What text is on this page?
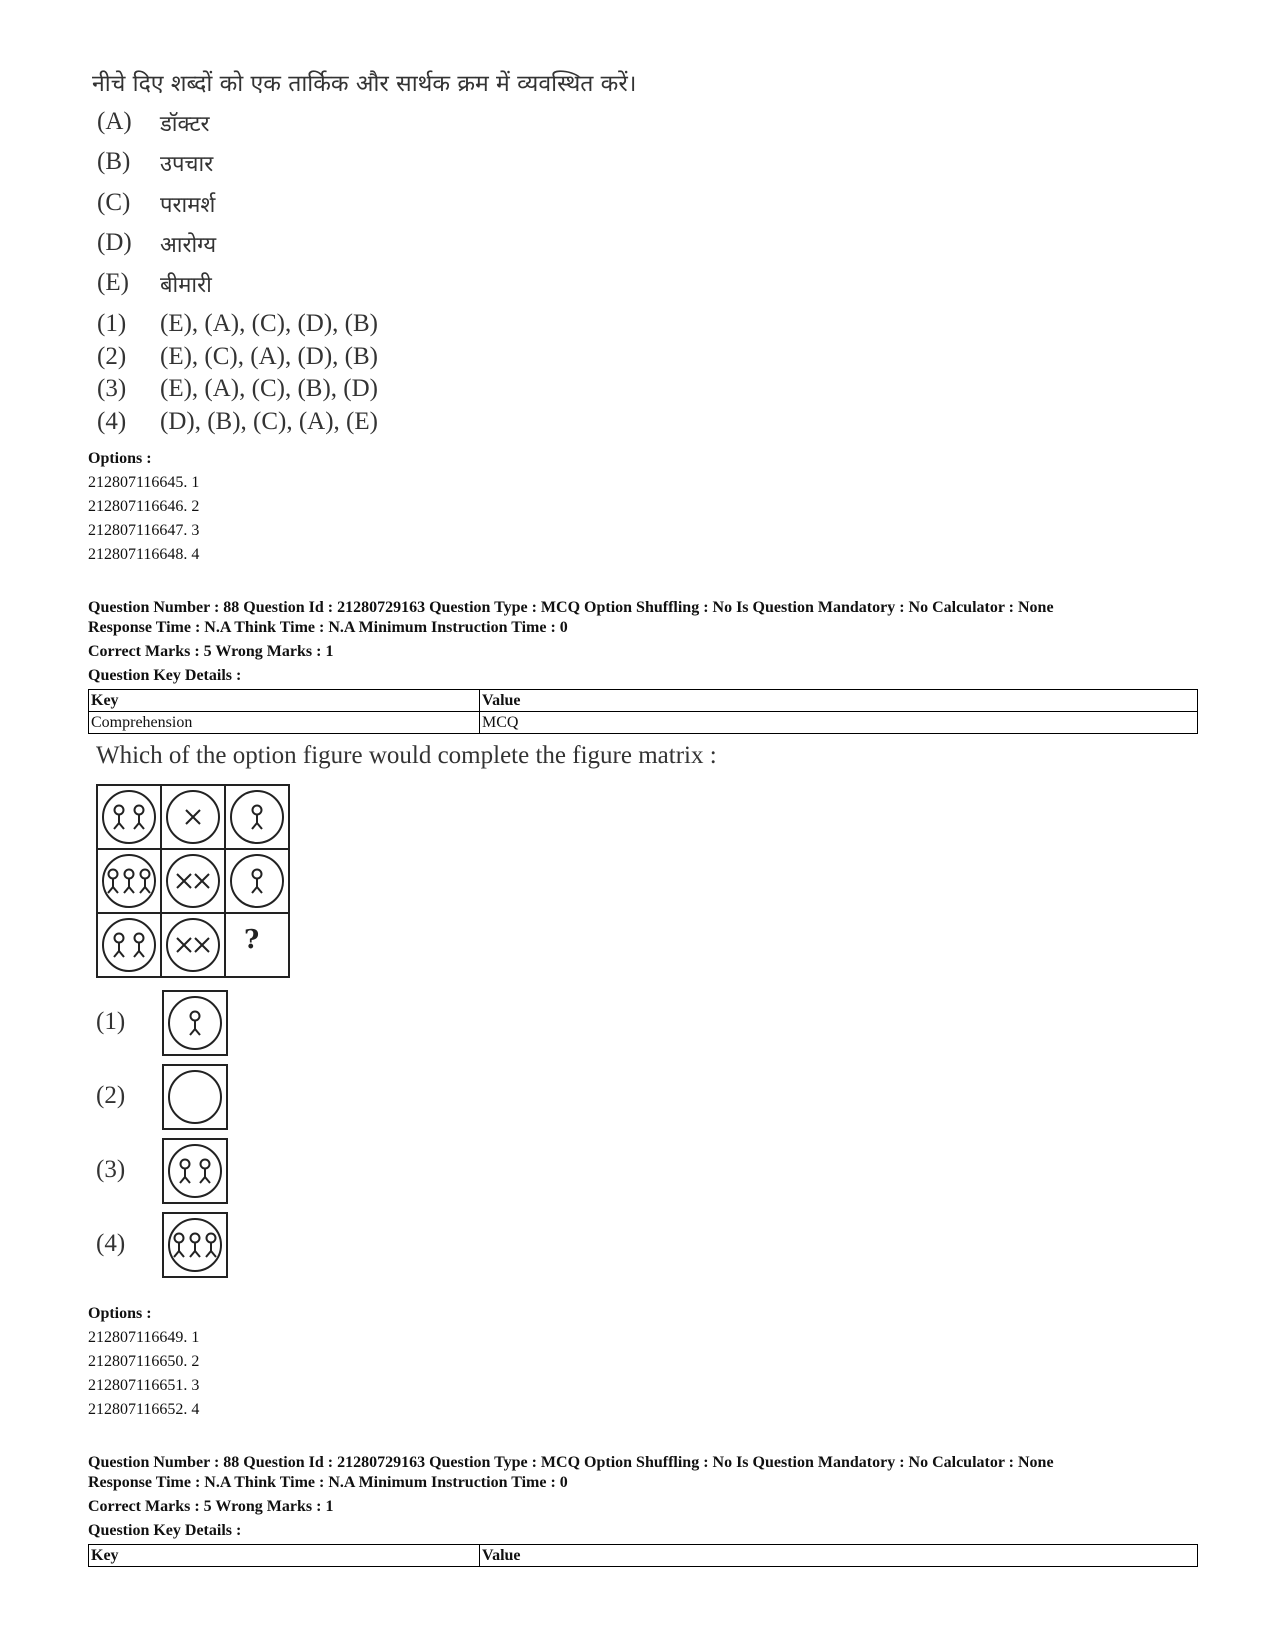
नीचे दिए शब्दों को एक तार्किक और सार्थक क्रम में व्यवस्थित करें।
(A) डॉक्टर
(B) उपचार
(C) परामर्श
(D) आरोग्य
(E) बीमारी
(1) (E), (A), (C), (D), (B)
(2) (E), (C), (A), (D), (B)
(3) (E), (A), (C), (B), (D)
(4) (D), (B), (C), (A), (E)
Options :
212807116645. 1
212807116646. 2
212807116647. 3
212807116648. 4
Question Number : 88 Question Id : 21280729163 Question Type : MCQ Option Shuffling : No Is Question Mandatory : No Calculator : None
Response Time : N.A Think Time : N.A Minimum Instruction Time : 0
Correct Marks : 5 Wrong Marks : 1
Question Key Details :
Key	Value
Comprehension	MCQ
Which of the option figure would complete the figure matrix :
?
(1)
(2)
(3)
(4)
Options :
212807116649. 1
212807116650. 2
212807116651. 3
212807116652. 4
Question Number : 88 Question Id : 21280729163 Question Type : MCQ Option Shuffling : No Is Question Mandatory : No Calculator : None
Response Time : N.A Think Time : N.A Minimum Instruction Time : 0
Correct Marks : 5 Wrong Marks : 1
Question Key Details :
Key	Value
